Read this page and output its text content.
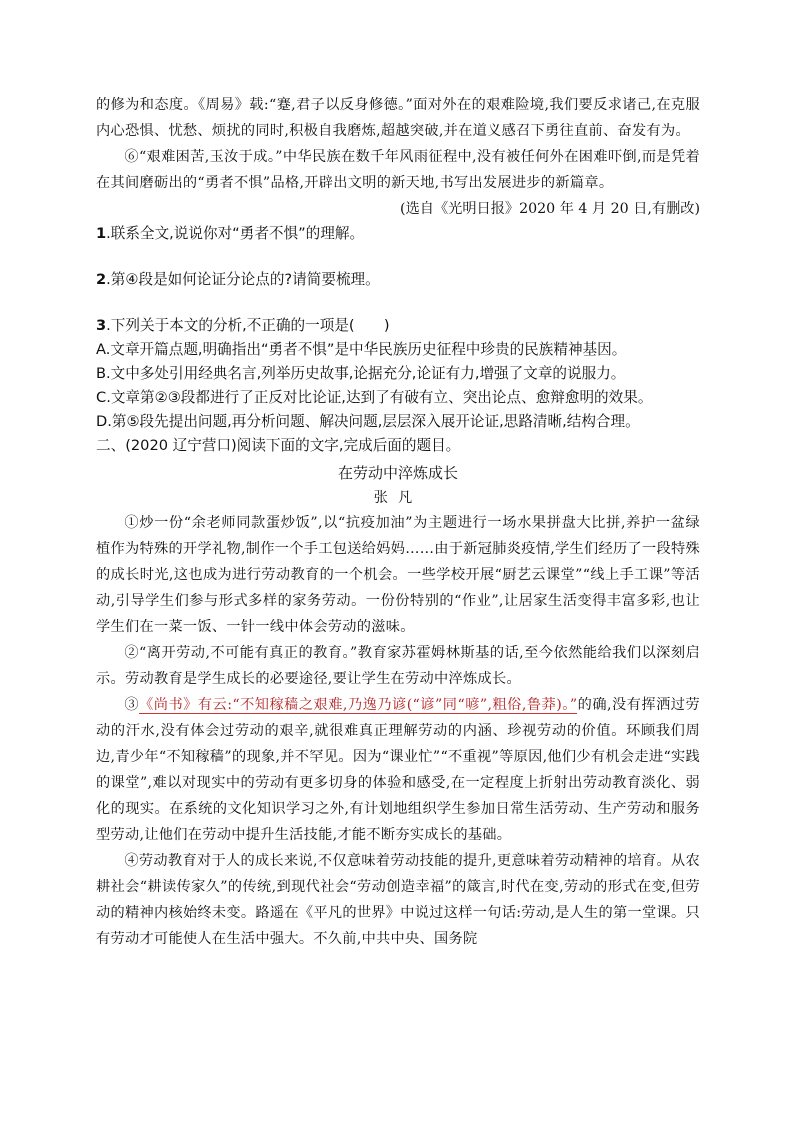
的修为和态度。《周易》载:“蹇,君子以反身修德。”面对外在的艰难险境,我们要反求诸己,在克服内心恐惧、忧愁、烦扰的同时,积极自我磨炼,超越突破,并在道义感召下勇往直前、奋发有为。

⑥“艰难困苦,玉汝于成。”中华民族在数千年风雨征程中,没有被任何外在困难吓倒,而是凭着在其间磨砺出的“勇者不惧”品格,开辟出文明的新天地,书写出发展进步的新篇章。

(选自《光明日报》2020 年 4 月 20 日,有删改)

1.联系全文,说说你对“勇者不惧”的理解。

2.第④段是如何论证分论点的?请简要梳理。

3.下列关于本文的分析,不正确的一项是(　　)

A.文章开篇点题,明确指出“勇者不惧”是中华民族历史征程中珍贵的民族精神基因。

B.文中多处引用经典名言,列举历史故事,论据充分,论证有力,增强了文章的说服力。

C.文章第②③段都进行了正反对比论证,达到了有破有立、突出论点、愈辩愈明的效果。

D.第⑤段先提出问题,再分析问题、解决问题,层层深入展开论证,思路清晰,结构合理。

二、(2020 辽宁营口)阅读下面的文字,完成后面的题目。

在劳动中淬炼成长

张凡

①炒一份“余老师同款蛋炒饭”,以“抗疫加油”为主题进行一场水果拼盘大比拼,养护一盆绿植作为特殊的开学礼物,制作一个手工包送给妈妈……由于新冠肺炎疫情,学生们经历了一段特殊的成长时光,这也成为进行劳动教育的一个机会。一些学校开展“厨艺云课堂”“线上手工课”等活动,引导学生们参与形式多样的家务劳动。一份份特别的“作业”,让居家生活变得丰富多彩,也让学生们在一菜一饭、一针一线中体会劳动的滋味。

②“离开劳动,不可能有真正的教育。”教育家苏霍姆林斯基的话,至今依然能给我们以深刻启示。劳动教育是学生成长的必要途径,要让学生在劳动中淬炼成长。

③《尚书》有云:“不知稼穑之艰难,乃逸乃谚(“谚”同“喭”,粗俗,鲁莽)。”的确,没有挥洒过劳动的汗水,没有体会过劳动的艰辛,就很难真正理解劳动的内涵、珍视劳动的价值。环顾我们周边,青少年“不知稼穑”的现象,并不罕见。因为“课业忙”“不重视”等原因,他们少有机会走进“实践的课堂”,难以对现实中的劳动有更多切身的体验和感受,在一定程度上折射出劳动教育淡化、弱化的现实。在系统的文化知识学习之外,有计划地组织学生参加日常生活劳动、生产劳动和服务型劳动,让他们在劳动中提升生活技能,才能不断夯实成长的基础。

④劳动教育对于人的成长来说,不仅意味着劳动技能的提升,更意味着劳动精神的培育。从农耕社会“耕读传家久”的传统,到现代社会“劳动创造幸福”的箴言,时代在变,劳动的形式在变,但劳动的精神内核始终未变。路遥在《平凡的世界》中说过这样一句话:劳动,是人生的第一堂课。只有劳动才可能使人在生活中强大。不久前,中共中央、国务院
